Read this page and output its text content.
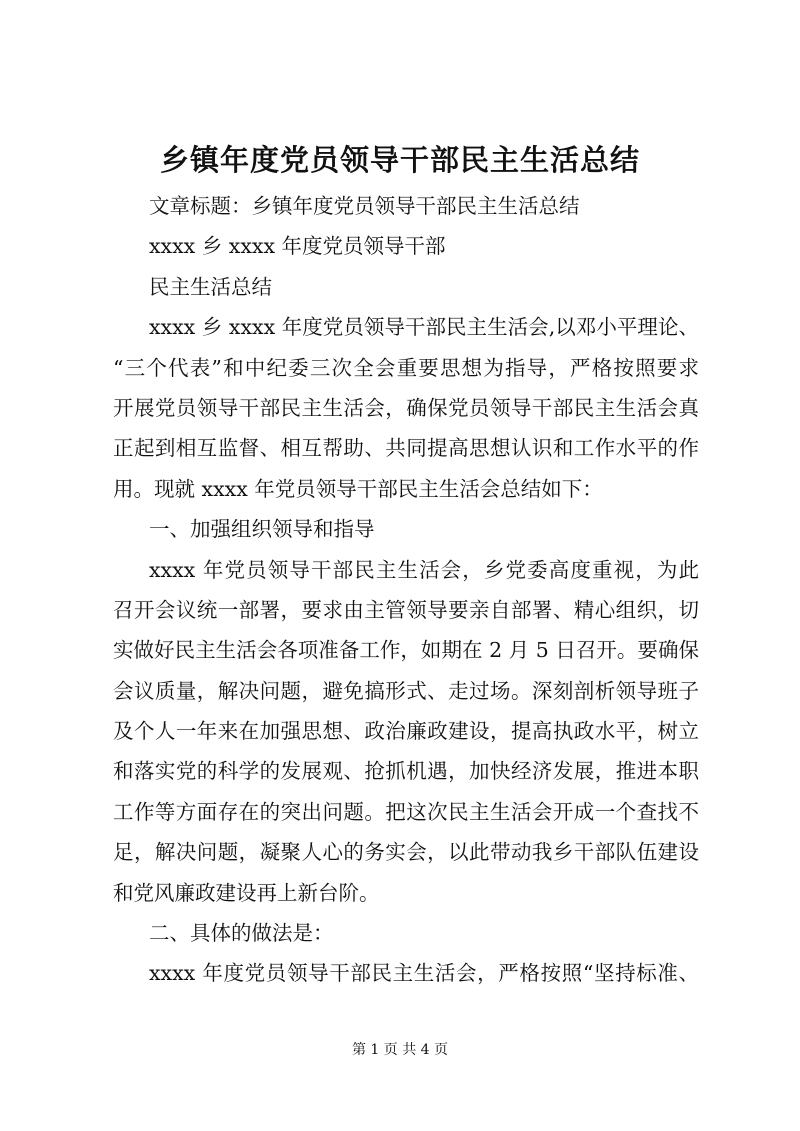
乡镇年度党员领导干部民主生活总结
文章标题：乡镇年度党员领导干部民主生活总结
xxxx 乡 xxxx 年度党员领导干部
民主生活总结
xxxx 乡 xxxx 年度党员领导干部民主生活会,以邓小平理论、
“三个代表”和中纪委三次全会重要思想为指导，严格按照要求
开展党员领导干部民主生活会，确保党员领导干部民主生活会真
正起到相互监督、相互帮助、共同提高思想认识和工作水平的作
用。现就 xxxx 年党员领导干部民主生活会总结如下：
一、加强组织领导和指导
xxxx 年党员领导干部民主生活会，乡党委高度重视，为此
召开会议统一部署，要求由主管领导要亲自部署、精心组织，切
实做好民主生活会各项准备工作，如期在 2 月 5 日召开。要确保
会议质量，解决问题，避免搞形式、走过场。深刻剖析领导班子
及个人一年来在加强思想、政治廉政建设，提高执政水平，树立
和落实党的科学的发展观、抢抓机遇，加快经济发展，推进本职
工作等方面存在的突出问题。把这次民主生活会开成一个查找不
足，解决问题，凝聚人心的务实会，以此带动我乡干部队伍建设
和党风廉政建设再上新台阶。
二、具体的做法是：
xxxx 年度党员领导干部民主生活会，严格按照“坚持标准、
第 1 页 共 4 页
